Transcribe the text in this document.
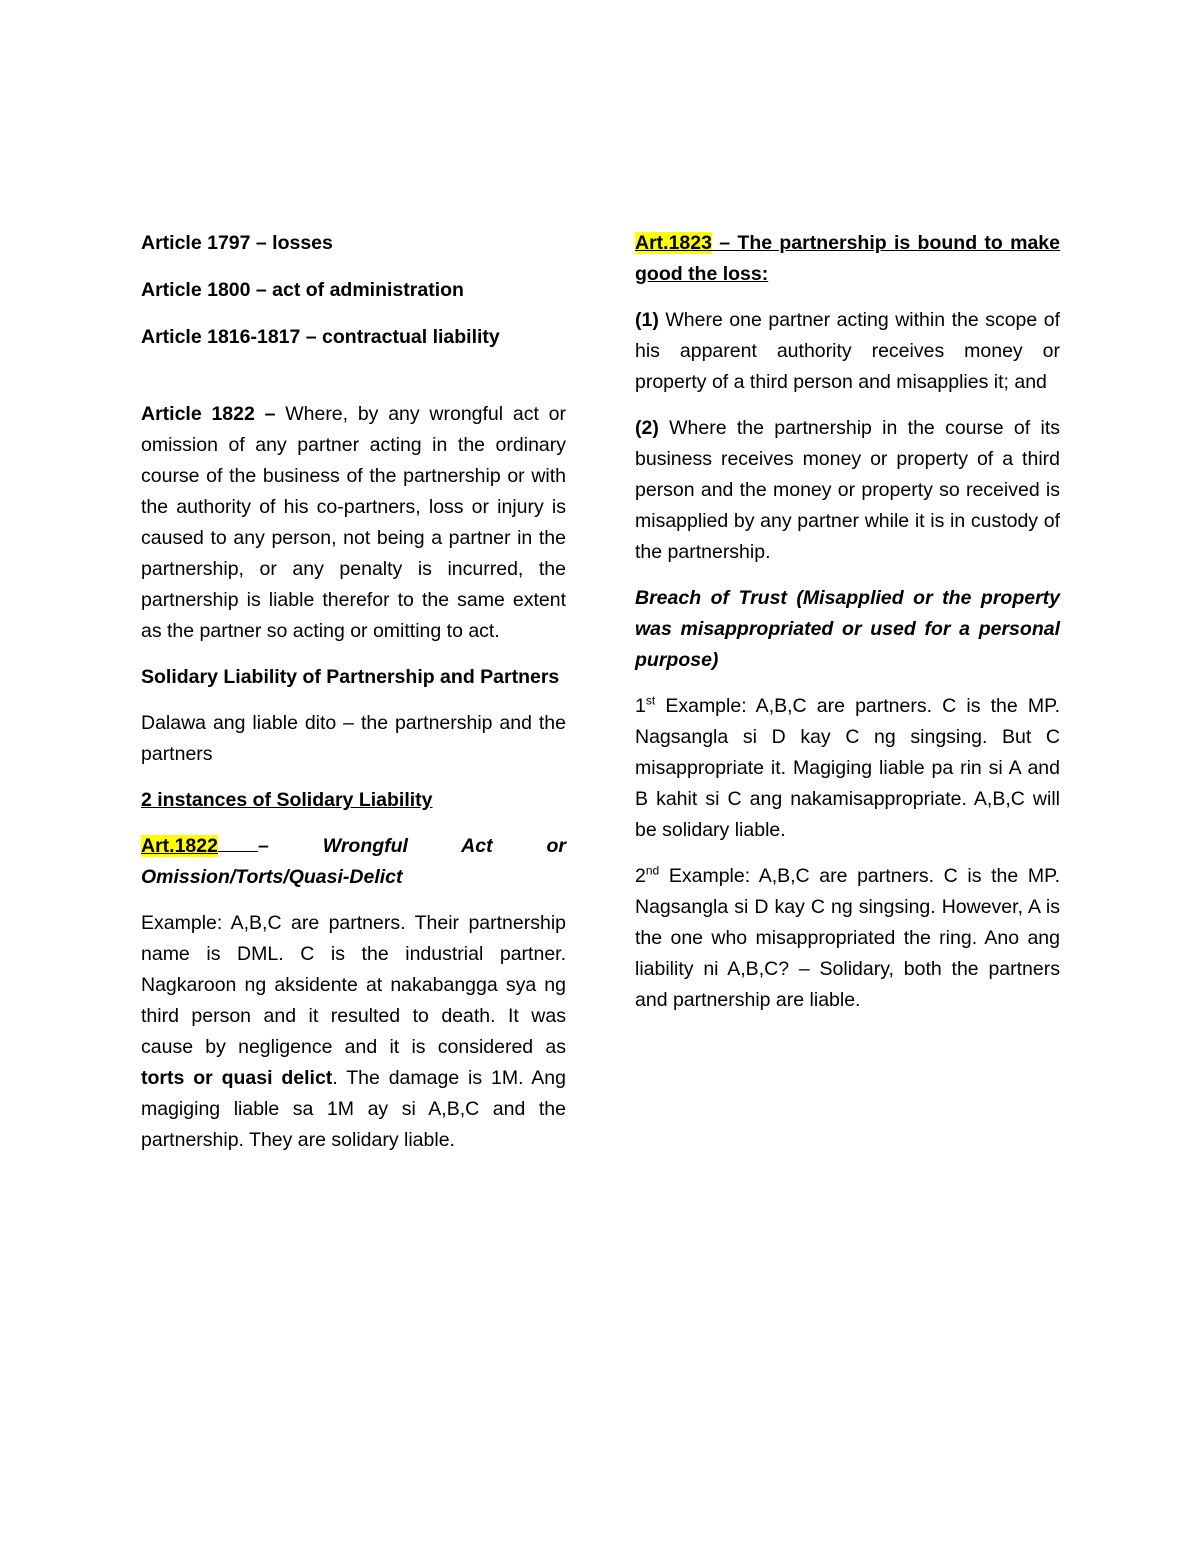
Article 1797 – losses

Article 1800 – act of administration

Article 1816-1817 – contractual liability

Article 1822 – Where, by any wrongful act or omission of any partner acting in the ordinary course of the business of the partnership or with the authority of his co-partners, loss or injury is caused to any person, not being a partner in the partnership, or any penalty is incurred, the partnership is liable therefor to the same extent as the partner so acting or omitting to act.

Solidary Liability of Partnership and Partners

Dalawa ang liable dito – the partnership and the partners

2 instances of Solidary Liability

Art.1822 –	Wrongful Act or Omission/Torts/Quasi-Delict

Example: A,B,C are partners. Their partnership name is DML. C is the industrial partner. Nagkaroon ng aksidente at nakabangga sya ng third person and it resulted to death. It was cause by negligence and it is considered as torts or quasi delict. The damage is 1M. Ang magiging liable sa 1M ay si A,B,C and the partnership. They are solidary liable.

Art.1823 – The partnership is bound to make good the loss:

(1) Where one partner acting within the scope of his apparent authority receives money or property of a third person and misapplies it; and

(2) Where the partnership in the course of its business receives money or property of a third person and the money or property so received is misapplied by any partner while it is in custody of the partnership.

Breach of Trust (Misapplied or the property was misappropriated or used for a personal purpose)

1st Example: A,B,C are partners. C is the MP. Nagsangla si D kay C ng singsing. But C misappropriate it. Magiging liable pa rin si A and B kahit si C ang nakamisappropriate. A,B,C will be solidary liable.

2nd Example: A,B,C are partners. C is the MP. Nagsangla si D kay C ng singsing. However, A is the one who misappropriated the ring. Ano ang liability ni A,B,C? – Solidary, both the partners and partnership are liable.
